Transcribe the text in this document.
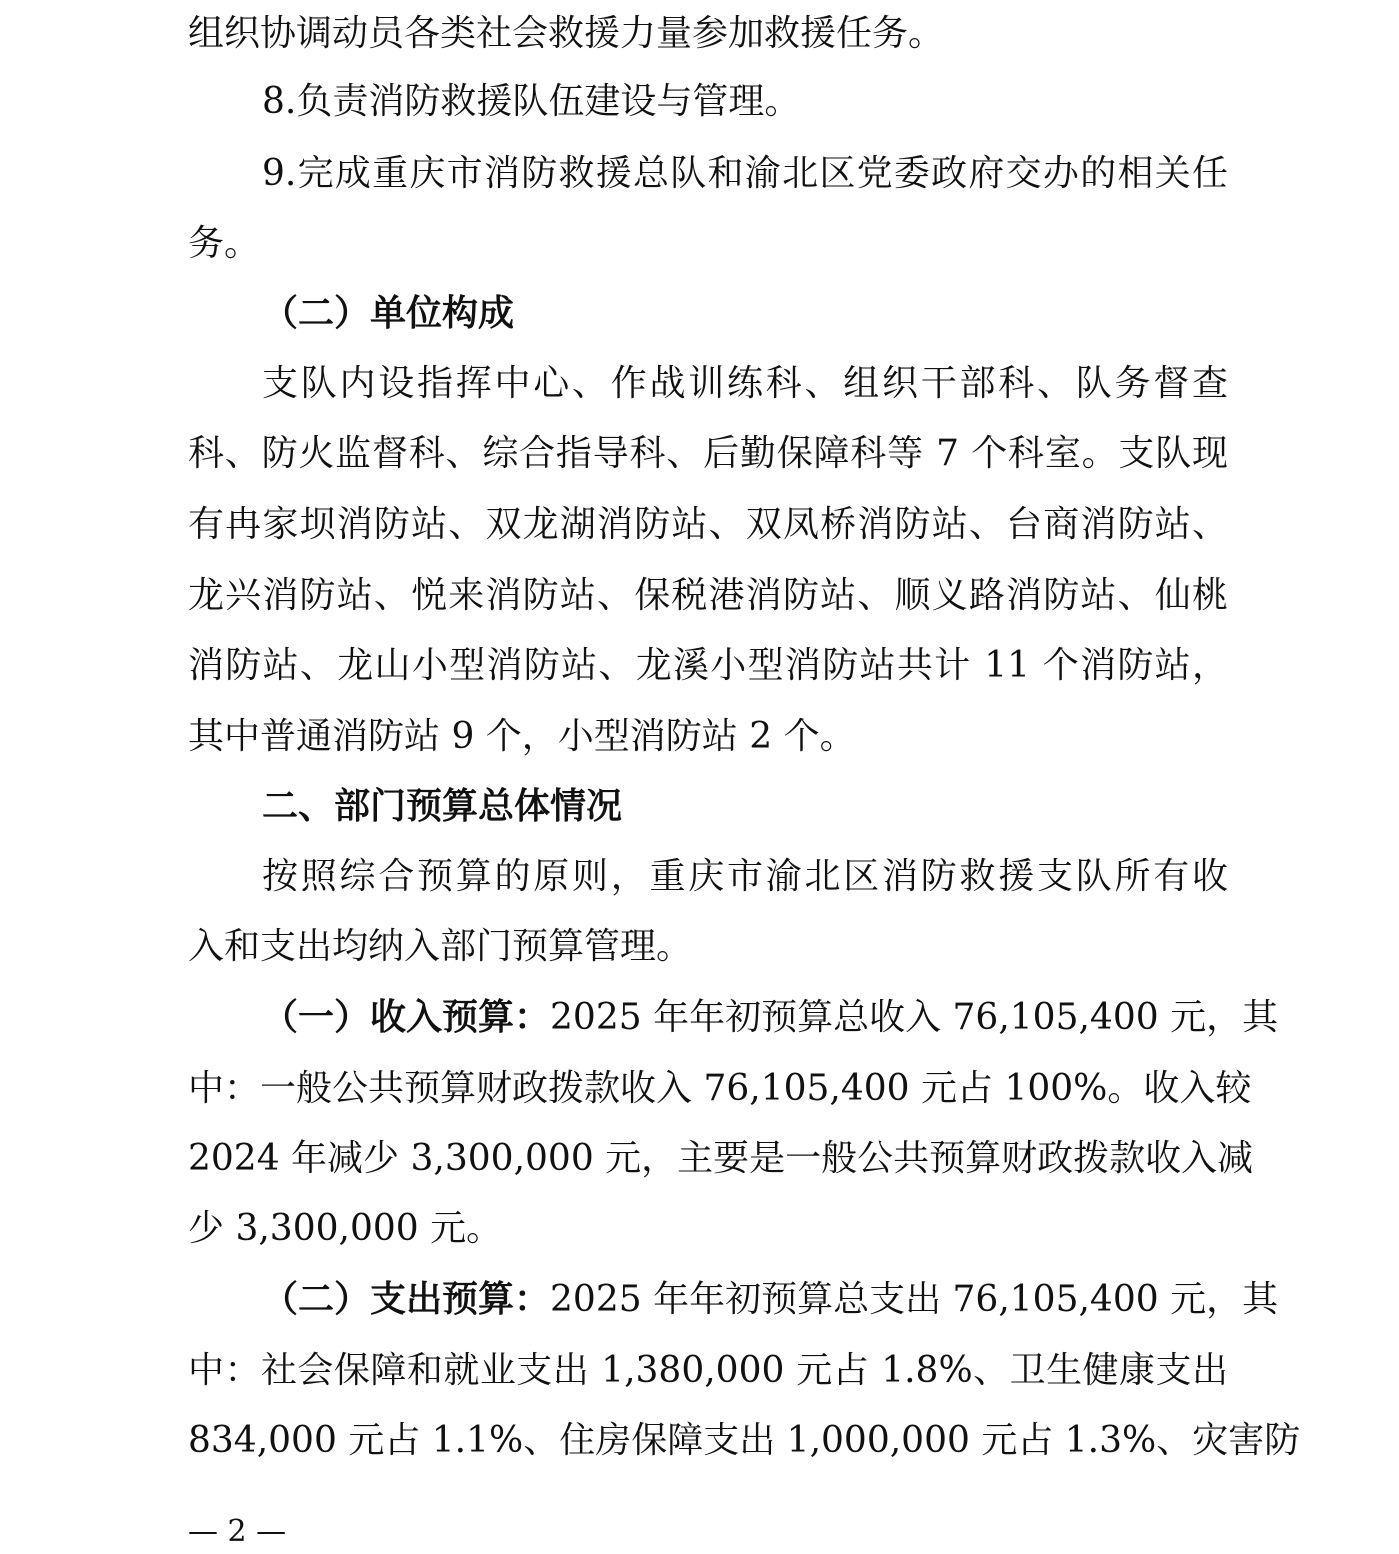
组织协调动员各类社会救援力量参加救援任务。
8.负责消防救援队伍建设与管理。
9.完成重庆市消防救援总队和渝北区党委政府交办的相关任
务。
（二）单位构成
支队内设指挥中心、作战训练科、组织干部科、队务督查
科、防火监督科、综合指导科、后勤保障科等 7 个科室。支队现
有冉家坝消防站、双龙湖消防站、双凤桥消防站、台商消防站、
龙兴消防站、悦来消防站、保税港消防站、顺义路消防站、仙桃
消防站、龙山小型消防站、龙溪小型消防站共计 11 个消防站，
其中普通消防站 9 个，小型消防站 2 个。
二、部门预算总体情况
按照综合预算的原则，重庆市渝北区消防救援支队所有收
入和支出均纳入部门预算管理。
（一）收入预算： 2025 年年初预算总收入 76,105,400 元，其
中：一般公共预算财政拨款收入 76,105,400 元占 100%。收入较
2024 年减少 3,300,000 元，主要是一般公共预算财政拨款收入减
少 3,300,000 元。
（二）支出预算： 2025 年年初预算总支出 76,105,400 元，其
中：社会保障和就业支出 1,380,000 元占 1.8%、卫生健康支出
834,000 元占 1.1%、住房保障支出 1,000,000 元占 1.3%、灾害防
— 2 —
